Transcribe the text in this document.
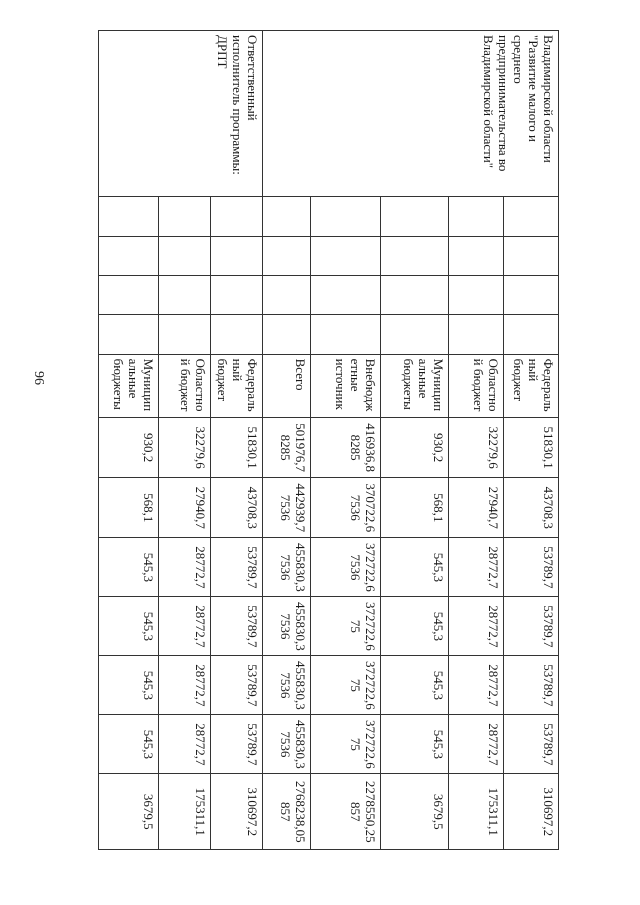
96
Владимирской области "Развитие малого и среднего предпринимательства во Владимирской области"					Федеральный бюджет	51830,1	43708,3	53789,7	53789,7	53789,7	53789,7	310697,2
					Областной бюджет	32279,6	27940,7	28772,7	28772,7	28772,7	28772,7	175311,1
					Муниципальные бюджеты	930,2	568,1	545,3	545,3	545,3	545,3	3679,5
					Внебюджетные источник	416936,88285	370722,67536	372722,67536	372722,675	372722,675	372722,675	2278550,25857
					Всего	501976,78285	442939,77536	455830,37536	455830,37536	455830,37536	455830,37536	2768238,05857
Ответственный исполнитель программы: ДРПТ					Федеральный бюджет	51830,1	43708,3	53789,7	53789,7	53789,7	53789,7	310697,2
					Областной бюджет	32279,6	27940,7	28772,7	28772,7	28772,7	28772,7	175311,1
					Муниципальные бюджеты	930,2	568,1	545,3	545,3	545,3	545,3	3679,5
